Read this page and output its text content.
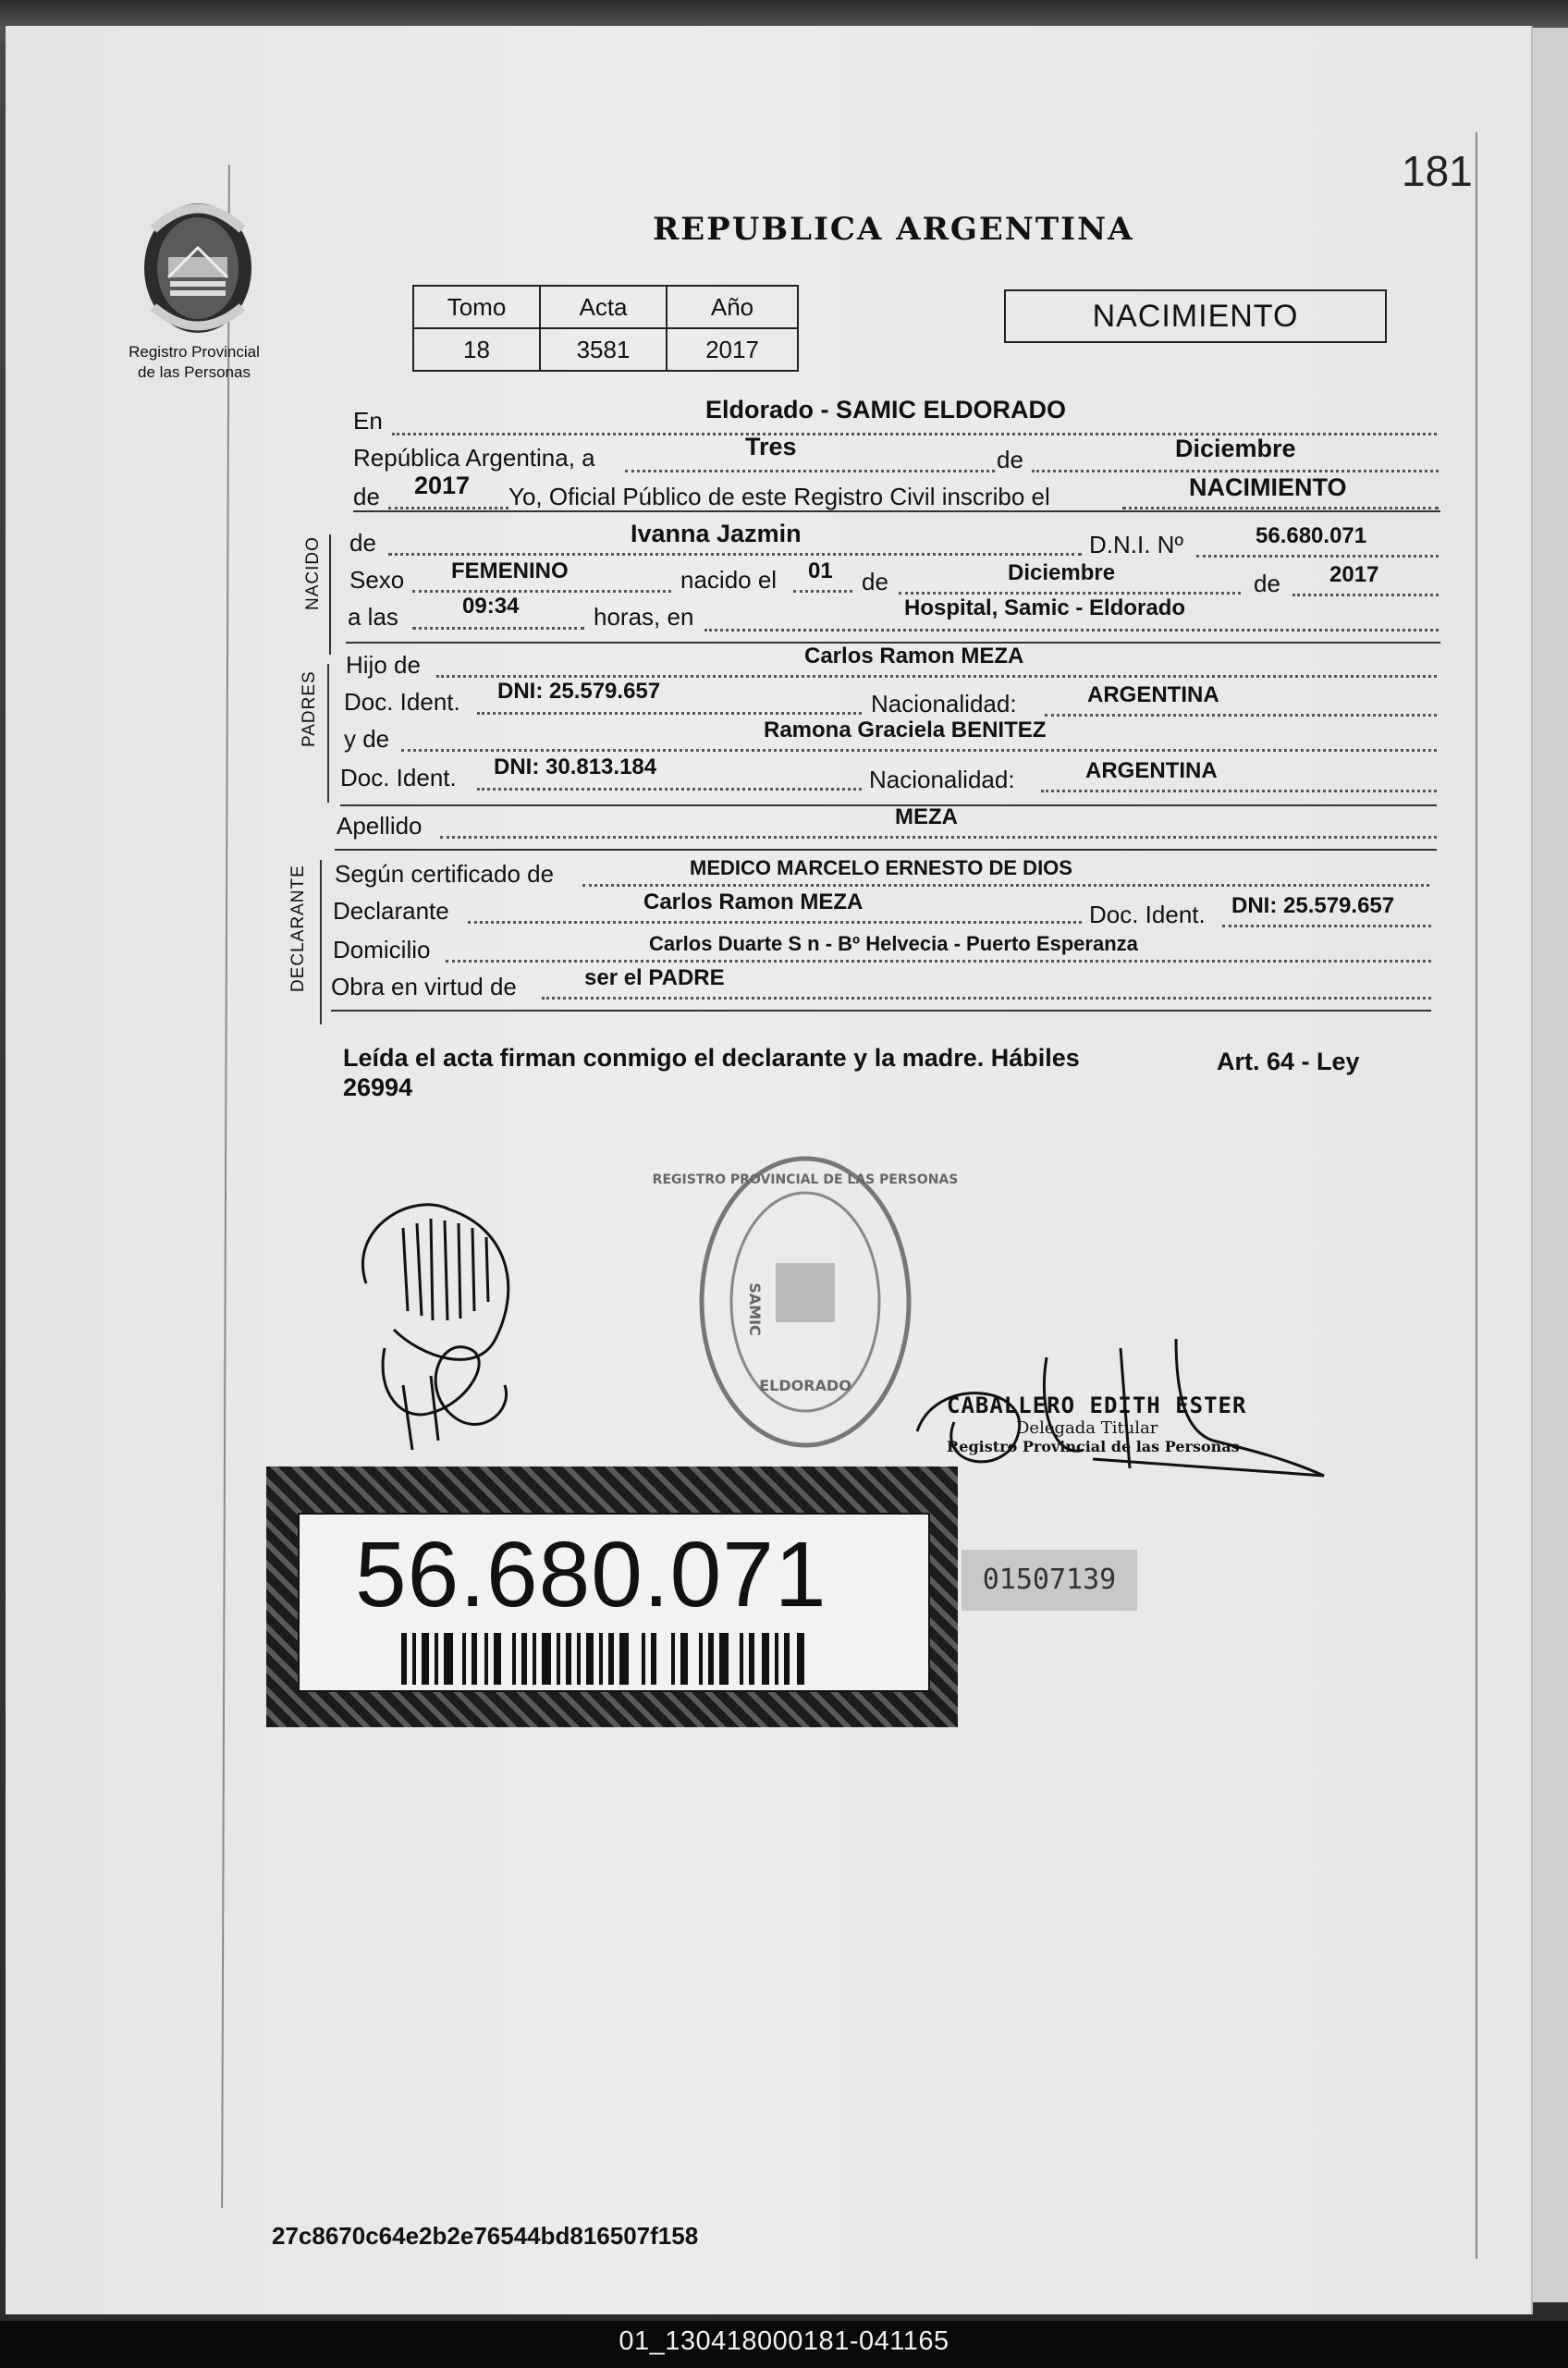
181
Registro Provincial
de las Personas
REPUBLICA ARGENTINA
Tomo	Acta	Año
18	3581	2017
NACIMIENTO
En	Eldorado - SAMIC ELDORADO
República Argentina, a	Tres	de	Diciembre
de 2017 Yo, Oficial Público de este Registro Civil inscribo el	NACIMIENTO
NACIDO de	Ivanna Jazmin	D.N.I. Nº	56.680.071
Sexo FEMENINO	nacido el 01 de	Diciembre	de 2017
a las	09:34	horas, en	Hospital, Samic - Eldorado
PADRES
Hijo de	Carlos Ramon MEZA
Doc. Ident. DNI: 25.579.657	Nacionalidad:	ARGENTINA
y de	Ramona Graciela BENITEZ
Doc. Ident. DNI: 30.813.184	Nacionalidad:	ARGENTINA
Apellido	MEZA
DECLARANTE Según certificado de	MEDICO MARCELO ERNESTO DE DIOS
Declarante	Carlos Ramon MEZA	Doc. Ident. DNI: 25.579.657
Domicilio	Carlos Duarte S n - Bº Helvecia - Puerto Esperanza
Obra en virtud de	ser el PADRE
Leída el acta firman conmigo el declarante y la madre. Hábiles	Art. 64 - Ley

26994
REGISTRO PROVINCIAL DE LAS PERSONAS
SAMIC
ELDORADO
CABALLERO EDITH ESTER
Delegada Titular
Registro Provincial de las Personas
56.680.071	01507139
27c8670c64e2b2e76544bd816507f158
01_130418000181-041165
